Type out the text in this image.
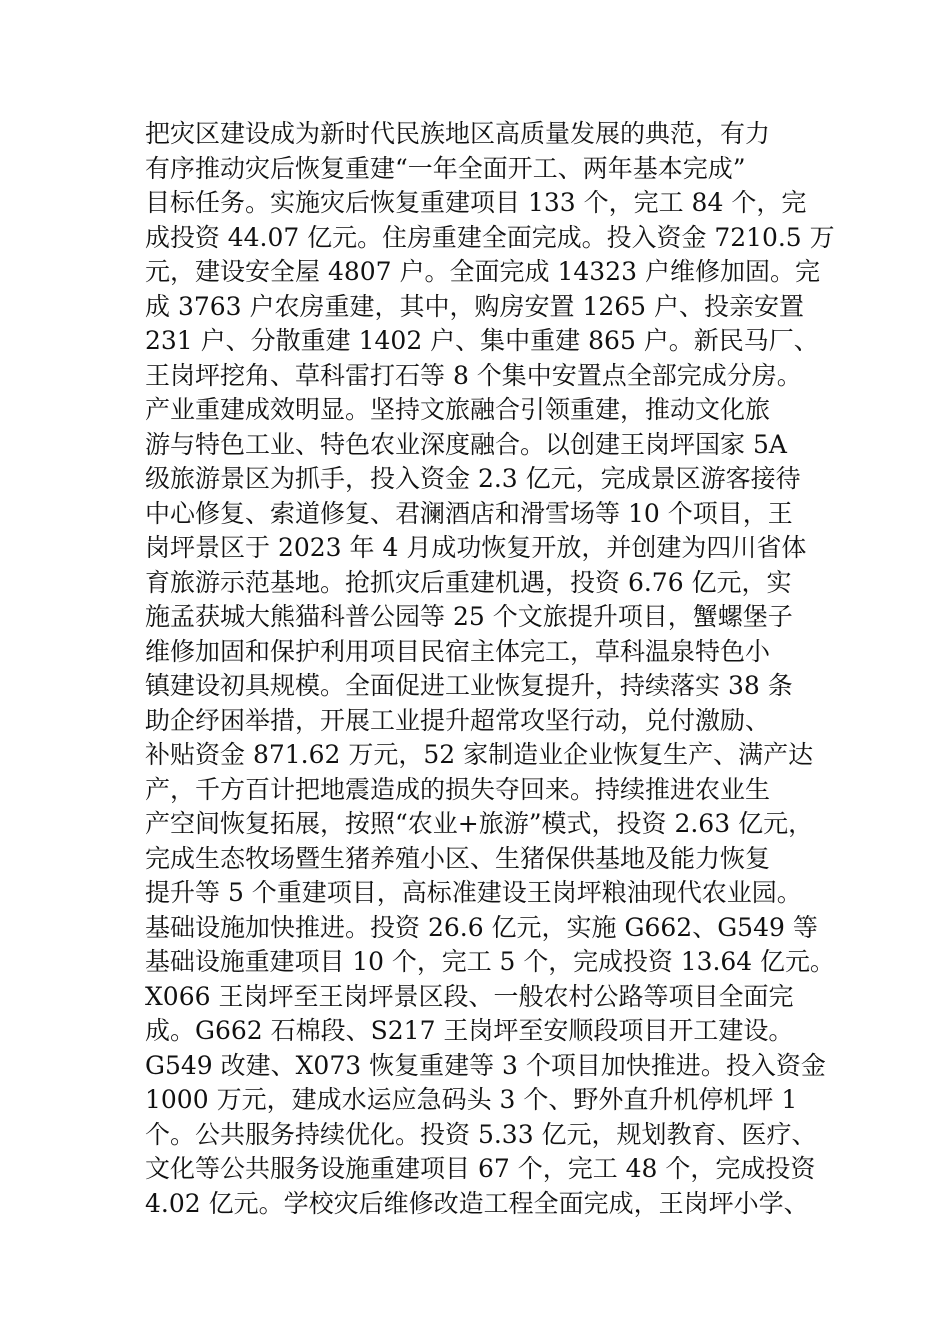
把灾区建设成为新时代民族地区高质量发展的典范，有力
有序推动灾后恢复重建“一年全面开工、两年基本完成”
目标任务。实施灾后恢复重建项目 133 个，完工 84 个，完
成投资 44.07 亿元。住房重建全面完成。投入资金 7210.5 万
元，建设安全屋 4807 户。全面完成 14323 户维修加固。完
成 3763 户农房重建，其中，购房安置 1265 户、投亲安置
231 户、分散重建 1402 户、集中重建 865 户。新民马厂、
王岗坪挖角、草科雷打石等 8 个集中安置点全部完成分房。
产业重建成效明显。坚持文旅融合引领重建，推动文化旅
游与特色工业、特色农业深度融合。以创建王岗坪国家 5A
级旅游景区为抓手，投入资金 2.3 亿元，完成景区游客接待
中心修复、索道修复、君澜酒店和滑雪场等 10 个项目，王
岗坪景区于 2023 年 4 月成功恢复开放，并创建为四川省体
育旅游示范基地。抢抓灾后重建机遇，投资 6.76 亿元，实
施孟获城大熊猫科普公园等 25 个文旅提升项目，蟹螺堡子
维修加固和保护利用项目民宿主体完工，草科温泉特色小
镇建设初具规模。全面促进工业恢复提升，持续落实 38 条
助企纾困举措，开展工业提升超常攻坚行动，兑付激励、
补贴资金 871.62 万元，52 家制造业企业恢复生产、满产达
产，千方百计把地震造成的损失夺回来。持续推进农业生
产空间恢复拓展，按照“农业+旅游”模式，投资 2.63 亿元，
完成生态牧场暨生猪养殖小区、生猪保供基地及能力恢复
提升等 5 个重建项目，高标准建设王岗坪粮油现代农业园。
基础设施加快推进。投资 26.6 亿元，实施 G662、G549 等
基础设施重建项目 10 个，完工 5 个，完成投资 13.64 亿元。
X066 王岗坪至王岗坪景区段、一般农村公路等项目全面完
成。G662 石棉段、S217 王岗坪至安顺段项目开工建设。
G549 改建、X073 恢复重建等 3 个项目加快推进。投入资金
1000 万元，建成水运应急码头 3 个、野外直升机停机坪 1
个。公共服务持续优化。投资 5.33 亿元，规划教育、医疗、
文化等公共服务设施重建项目 67 个，完工 48 个，完成投资
4.02 亿元。学校灾后维修改造工程全面完成，王岗坪小学、
